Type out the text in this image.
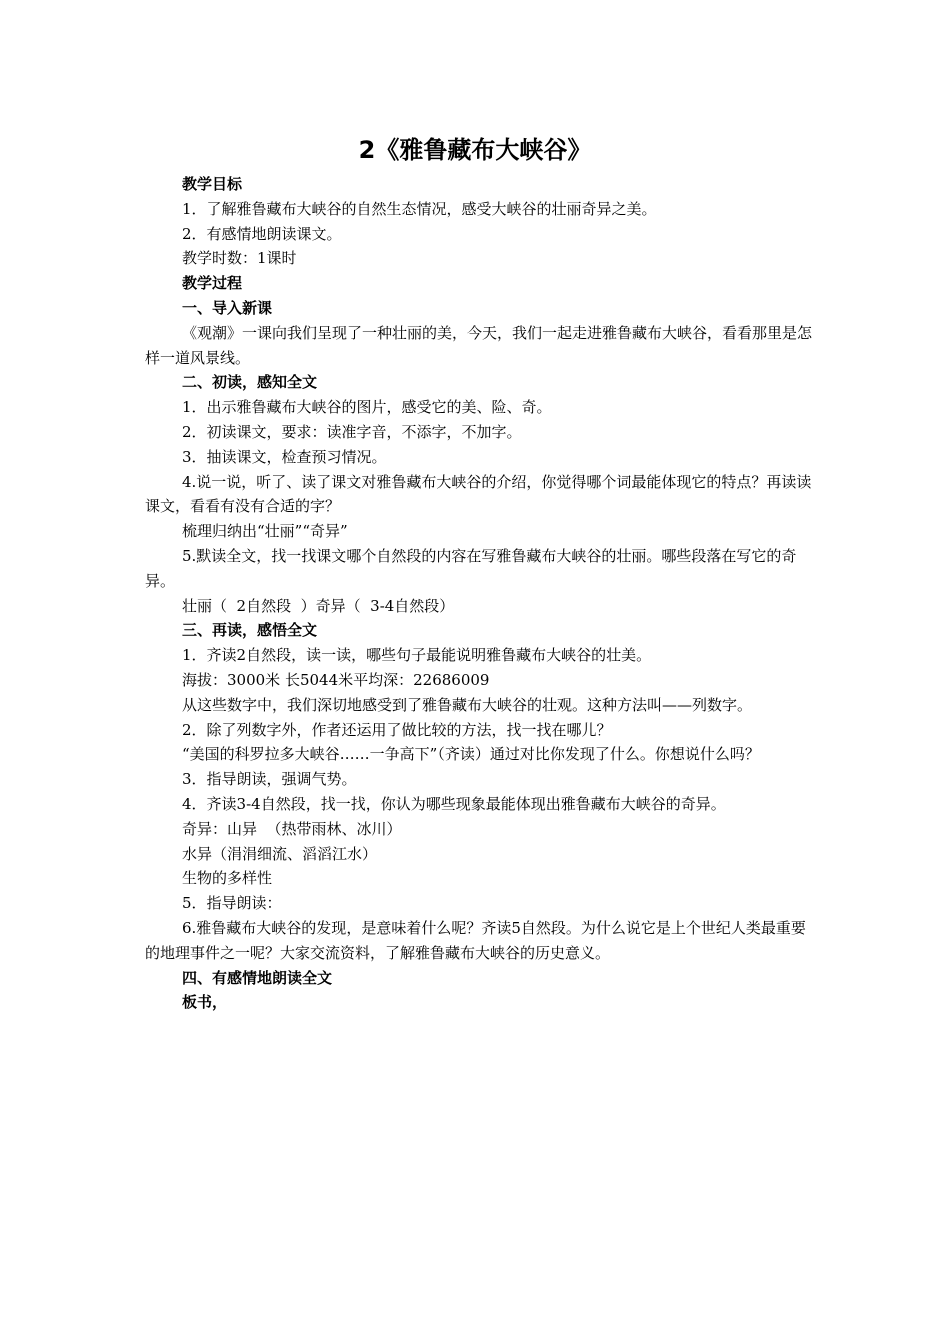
2《雅鲁藏布大峡谷》

教学目标

1．了解雅鲁藏布大峡谷的自然生态情况，感受大峡谷的壮丽奇异之美。

2．有感情地朗读课文。

教学时数：1课时

教学过程

一、导入新课

《观潮》一课向我们呈现了一种壮丽的美，今天，我们一起走进雅鲁藏布大峡谷，看看那里是怎样一道风景线。

二、初读，感知全文

1．出示雅鲁藏布大峡谷的图片，感受它的美、险、奇。

2．初读课文，要求：读准字音，不添字，不加字。

3．抽读课文，检查预习情况。

4.说一说，听了、读了课文对雅鲁藏布大峡谷的介绍，你觉得哪个词最能体现它的特点？再读读课文，看看有没有合适的字？

梳理归纳出“壮丽”“奇异”

5.默读全文，找一找课文哪个自然段的内容在写雅鲁藏布大峡谷的壮丽。哪些段落在写它的奇异。

壮丽（  2自然段  ）奇异（  3-4自然段）

三、再读，感悟全文

1．齐读2自然段，读一读，哪些句子最能说明雅鲁藏布大峡谷的壮美。

海拔：3000米 长5044米平均深：22686009

从这些数字中，我们深切地感受到了雅鲁藏布大峡谷的壮观。这种方法叫——列数字。

2．除了列数字外，作者还运用了做比较的方法，找一找在哪儿？

“美国的科罗拉多大峡谷……一争高下”（齐读）通过对比你发现了什么。你想说什么吗？

3．指导朗读，强调气势。

4．齐读3-4自然段，找一找，你认为哪些现象最能体现出雅鲁藏布大峡谷的奇异。

奇异：山异  （热带雨林、冰川）

水异（涓涓细流、滔滔江水）

生物的多样性

5．指导朗读：

6.雅鲁藏布大峡谷的发现，是意味着什么呢？齐读5自然段。为什么说它是上个世纪人类最重要的地理事件之一呢？大家交流资料，了解雅鲁藏布大峡谷的历史意义。

四、有感情地朗读全文

板书，
